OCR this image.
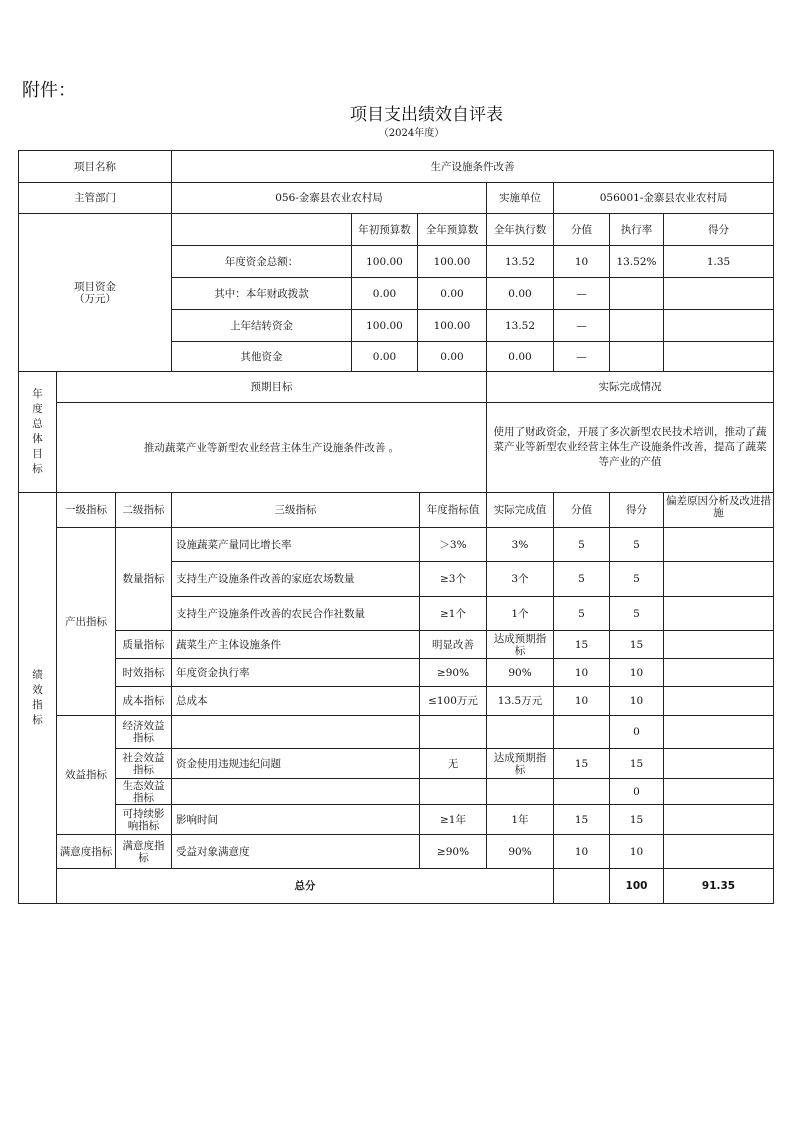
附件：
项目支出绩效自评表
（2024年度）
项目名称	生产设施条件改善						
主管部门	056-金寨县农业农村局			实施单位	056001-金寨县农业农村局		
项目资金
（万元）		年初预算数	全年预算数	全年执行数	分值	执行率	得分
	年度资金总额：	100.00	100.00	13.52	10	13.52%	1.35
	其中：本年财政拨款	0.00	0.00	0.00	—		
	上年结转资金	100.00	100.00	13.52	—		
	其他资金	0.00	0.00	0.00	—		
年度总体目标	预期目标	实际完成情况
	推动蔬菜产业等新型农业经营主体生产设施条件改善 。	使用了财政资金，开展了多次新型农民技术培训，推动了蔬菜产业等新型农业经营主体生产设施条件改善，提高了蔬菜等产业的产值
绩效指标	一级指标	二级指标	三级指标	年度指标值	实际完成值	分值	得分	偏差原因分析及改进措施	
	产出指标	数量指标	设施蔬菜产量同比增长率	＞3%	3%	5	5		
			支持生产设施条件改善的家庭农场数量	≥3个	3个	5	5		
			支持生产设施条件改善的农民合作社数量	≥1个	1个	5	5		
		质量指标	蔬菜生产主体设施条件	明显改善	达成预期指标	15	15		
		时效指标	年度资金执行率	≥90%	90%	10	10		
		成本指标	总成本	≤100万元	13.5万元	10	10		
	效益指标	经济效益指标					0		
		社会效益指标	资金使用违规违纪问题	无	达成预期指标	15	15		
		生态效益指标					0		
		可持续影响指标	影响时间	≥1年	1年	15	15		
	满意度指标	满意度指标	受益对象满意度	≥90%	90%	10	10		
	总分						100	91.35	
